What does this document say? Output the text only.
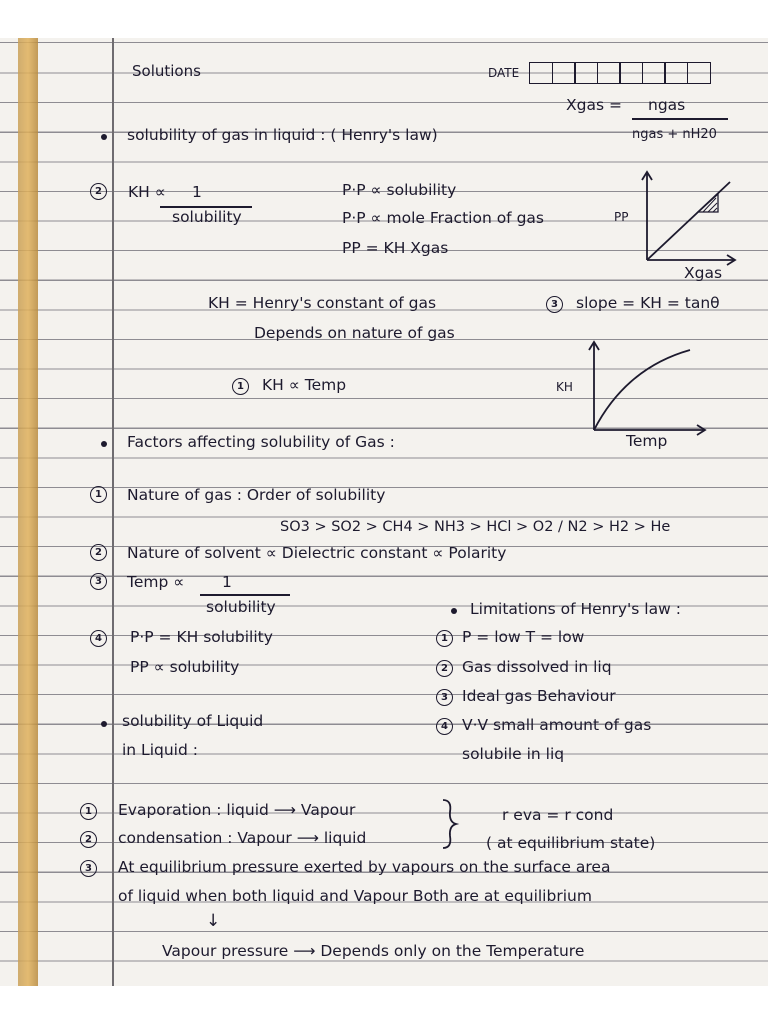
Solutions	DATE
Xgas = ngas
ngas + nH20
solubility of gas in liquid : ( Henry's law)
2	KH ∝ 1
solubility
P·P ∝ solubility
P·P ∝ mole Fraction of gas
PP = KH Xgas
PP
Xgas
KH = Henry's constant of gas	3	slope = KH = tanθ
Depends on nature of gas
1	KH ∝ Temp	KH
Temp
Factors affecting solubility of Gas :
1	Nature of gas : Order of solubility
SO3 > SO2 > CH4 > NH3 > HCl > O2 / N2 > H2 > He
2	Nature of solvent ∝ Dielectric constant ∝ Polarity
3	Temp ∝ 1
solubility
4	P·P = KH solubility
PP ∝ solubility
Limitations of Henry's law :
1 P = low T = low
2 Gas dissolved in liq
3 Ideal gas Behaviour
4 V·V small amount of gas
solubile in liq
solubility of Liquid
in Liquid :
1	Evaporation : liquid ⟶ Vapour
2	condensation : Vapour ⟶ liquid
r eva = r cond
( at equilibrium state)
3	At equilibrium pressure exerted by vapours on the surface area
of liquid when both liquid and Vapour Both are at equilibrium
↓
Vapour pressure ⟶ Depends only on the Temperature
